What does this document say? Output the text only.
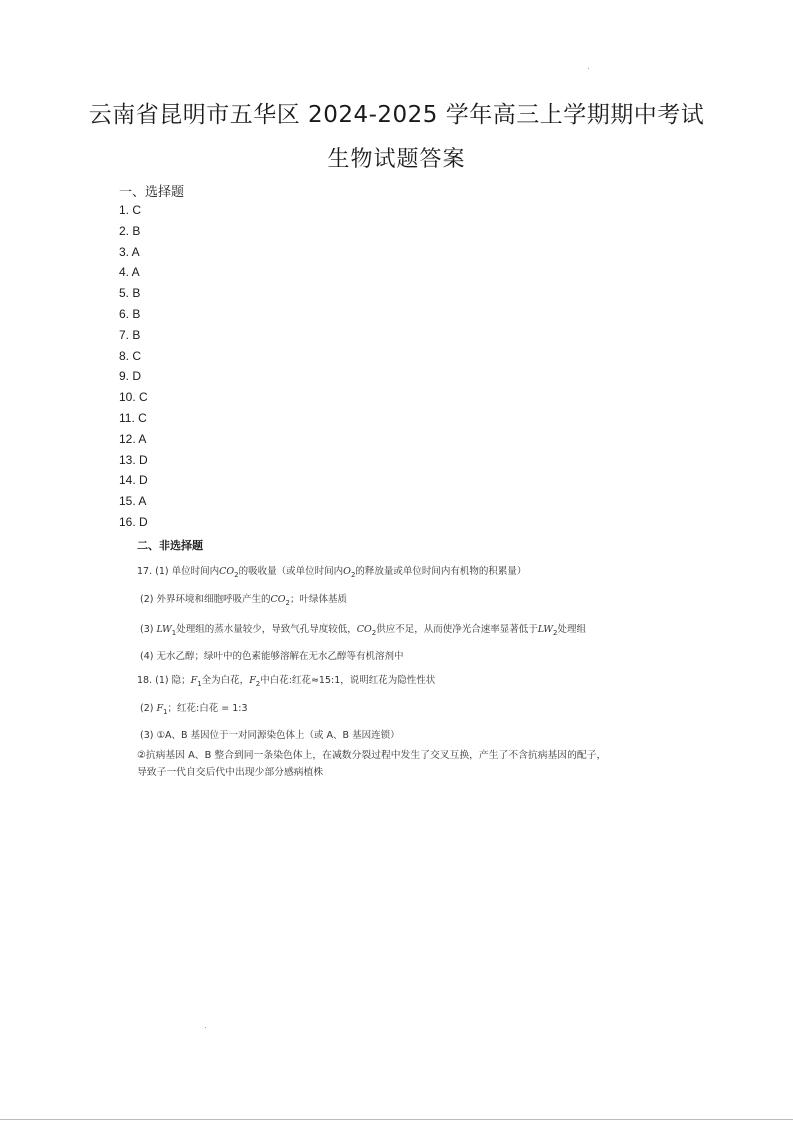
云南省昆明市五华区 2024-2025 学年高三上学期期中考试
生物试题答案
一、选择题
1. C
2. B
3. A
4. A
5. B
6. B
7. B
8. C
9. D
10. C
11. C
12. A
13. D
14. D
15. A
16. D
二、非选择题
17. (1) 单位时间内$CO_2$的吸收量（或单位时间内$O_2$的释放量或单位时间内有机物的积累量）
(2) 外界环境和细胞呼吸产生的$CO_2$；叶绿体基质
(3) $LW_1$处理组的蒸水量较少，导致气孔导度较低，$CO_2$供应不足，从而使净光合速率显著低于$LW_2$处理组
(4) 无水乙醇；绿叶中的色素能够溶解在无水乙醇等有机溶剂中
18. (1) 隐；$F_1$全为白花，$F_2$中白花:红花≈15:1，说明红花为隐性性状
(2) $F_1$；红花:白花 = 1:3
(3) ①A、B 基因位于一对同源染色体上（或 A、B 基因连锁）
②抗病基因 A、B 整合到同一条染色体上，在减数分裂过程中发生了交叉互换，产生了不含抗病基因的配子，
导致子一代自交后代中出现少部分感病植株
